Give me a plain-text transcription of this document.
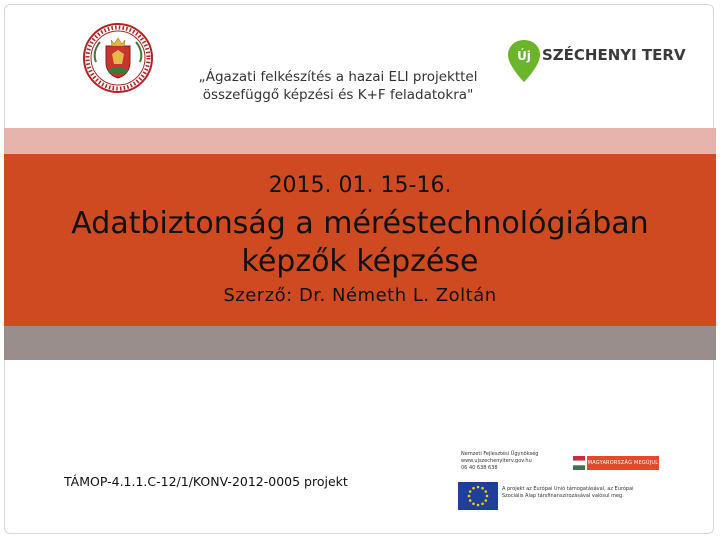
„Ágazati felkészítés a hazai ELI projekttel
összefüggő képzési és K+F feladatokra"
Új SZÉCHENYI TERV
2015. 01. 15-16.
Adatbiztonság a méréstechnológiában
képzők képzése
Szerző: Dr. Németh L. Zoltán
TÁMOP-4.1.1.C-12/1/KONV-2012-0005 projekt
Nemzeti Fejlesztési Ügynökség
www.ujszechenyiterv.gov.hu
06 40 638 638
MAGYARORSZÁG MEGÚJUL
A projekt az Európai Unió támogatásával, az Európai
Szociális Alap társfinanszírozásával valósul meg.
